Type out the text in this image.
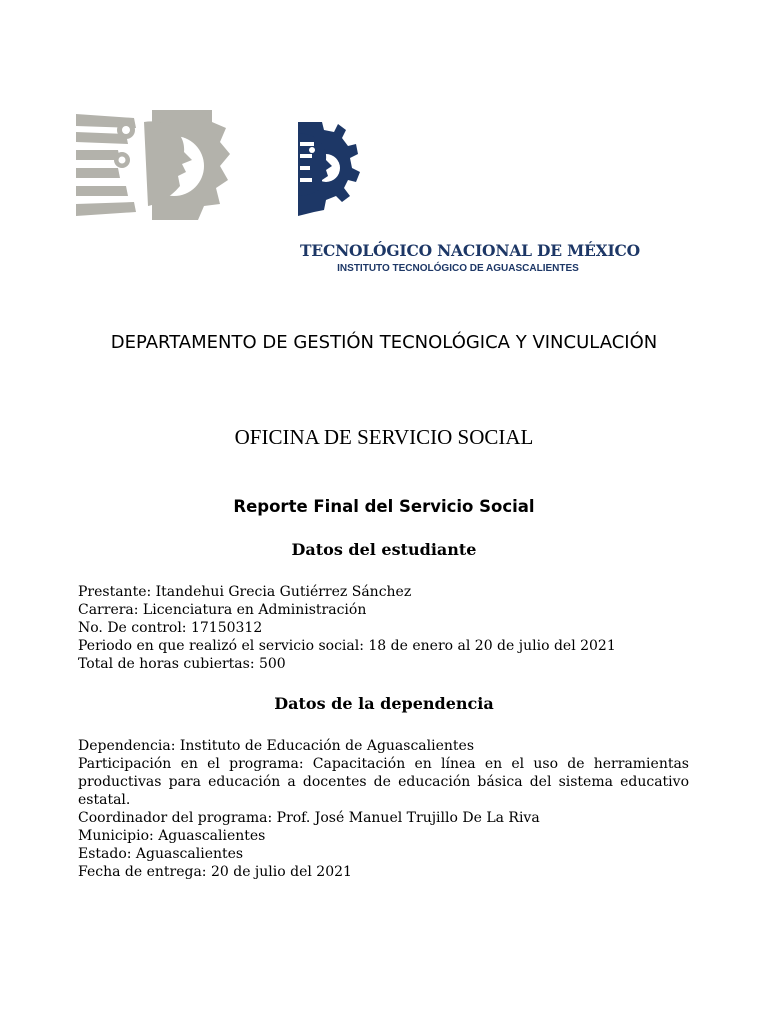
TECNOLÓGICO NACIONAL DE MÉXICO
INSTITUTO TECNOLÓGICO DE AGUASCALIENTES
DEPARTAMENTO DE GESTIÓN TECNOLÓGICA Y VINCULACIÓN
OFICINA DE SERVICIO SOCIAL
Reporte Final del Servicio Social
Datos del estudiante
Prestante: Itandehui Grecia Gutiérrez Sánchez
Carrera: Licenciatura en Administración
No. De control: 17150312
Periodo en que realizó el servicio social: 18 de enero al 20 de julio del 2021
Total de horas cubiertas: 500
Datos de la dependencia
Dependencia: Instituto de Educación de Aguascalientes
Participación en el programa: Capacitación en línea en el uso de herramientas productivas para educación a docentes de educación básica del sistema educativo estatal.
Coordinador del programa: Prof. José Manuel Trujillo De La Riva
Municipio: Aguascalientes
Estado: Aguascalientes
Fecha de entrega: 20 de julio del 2021
